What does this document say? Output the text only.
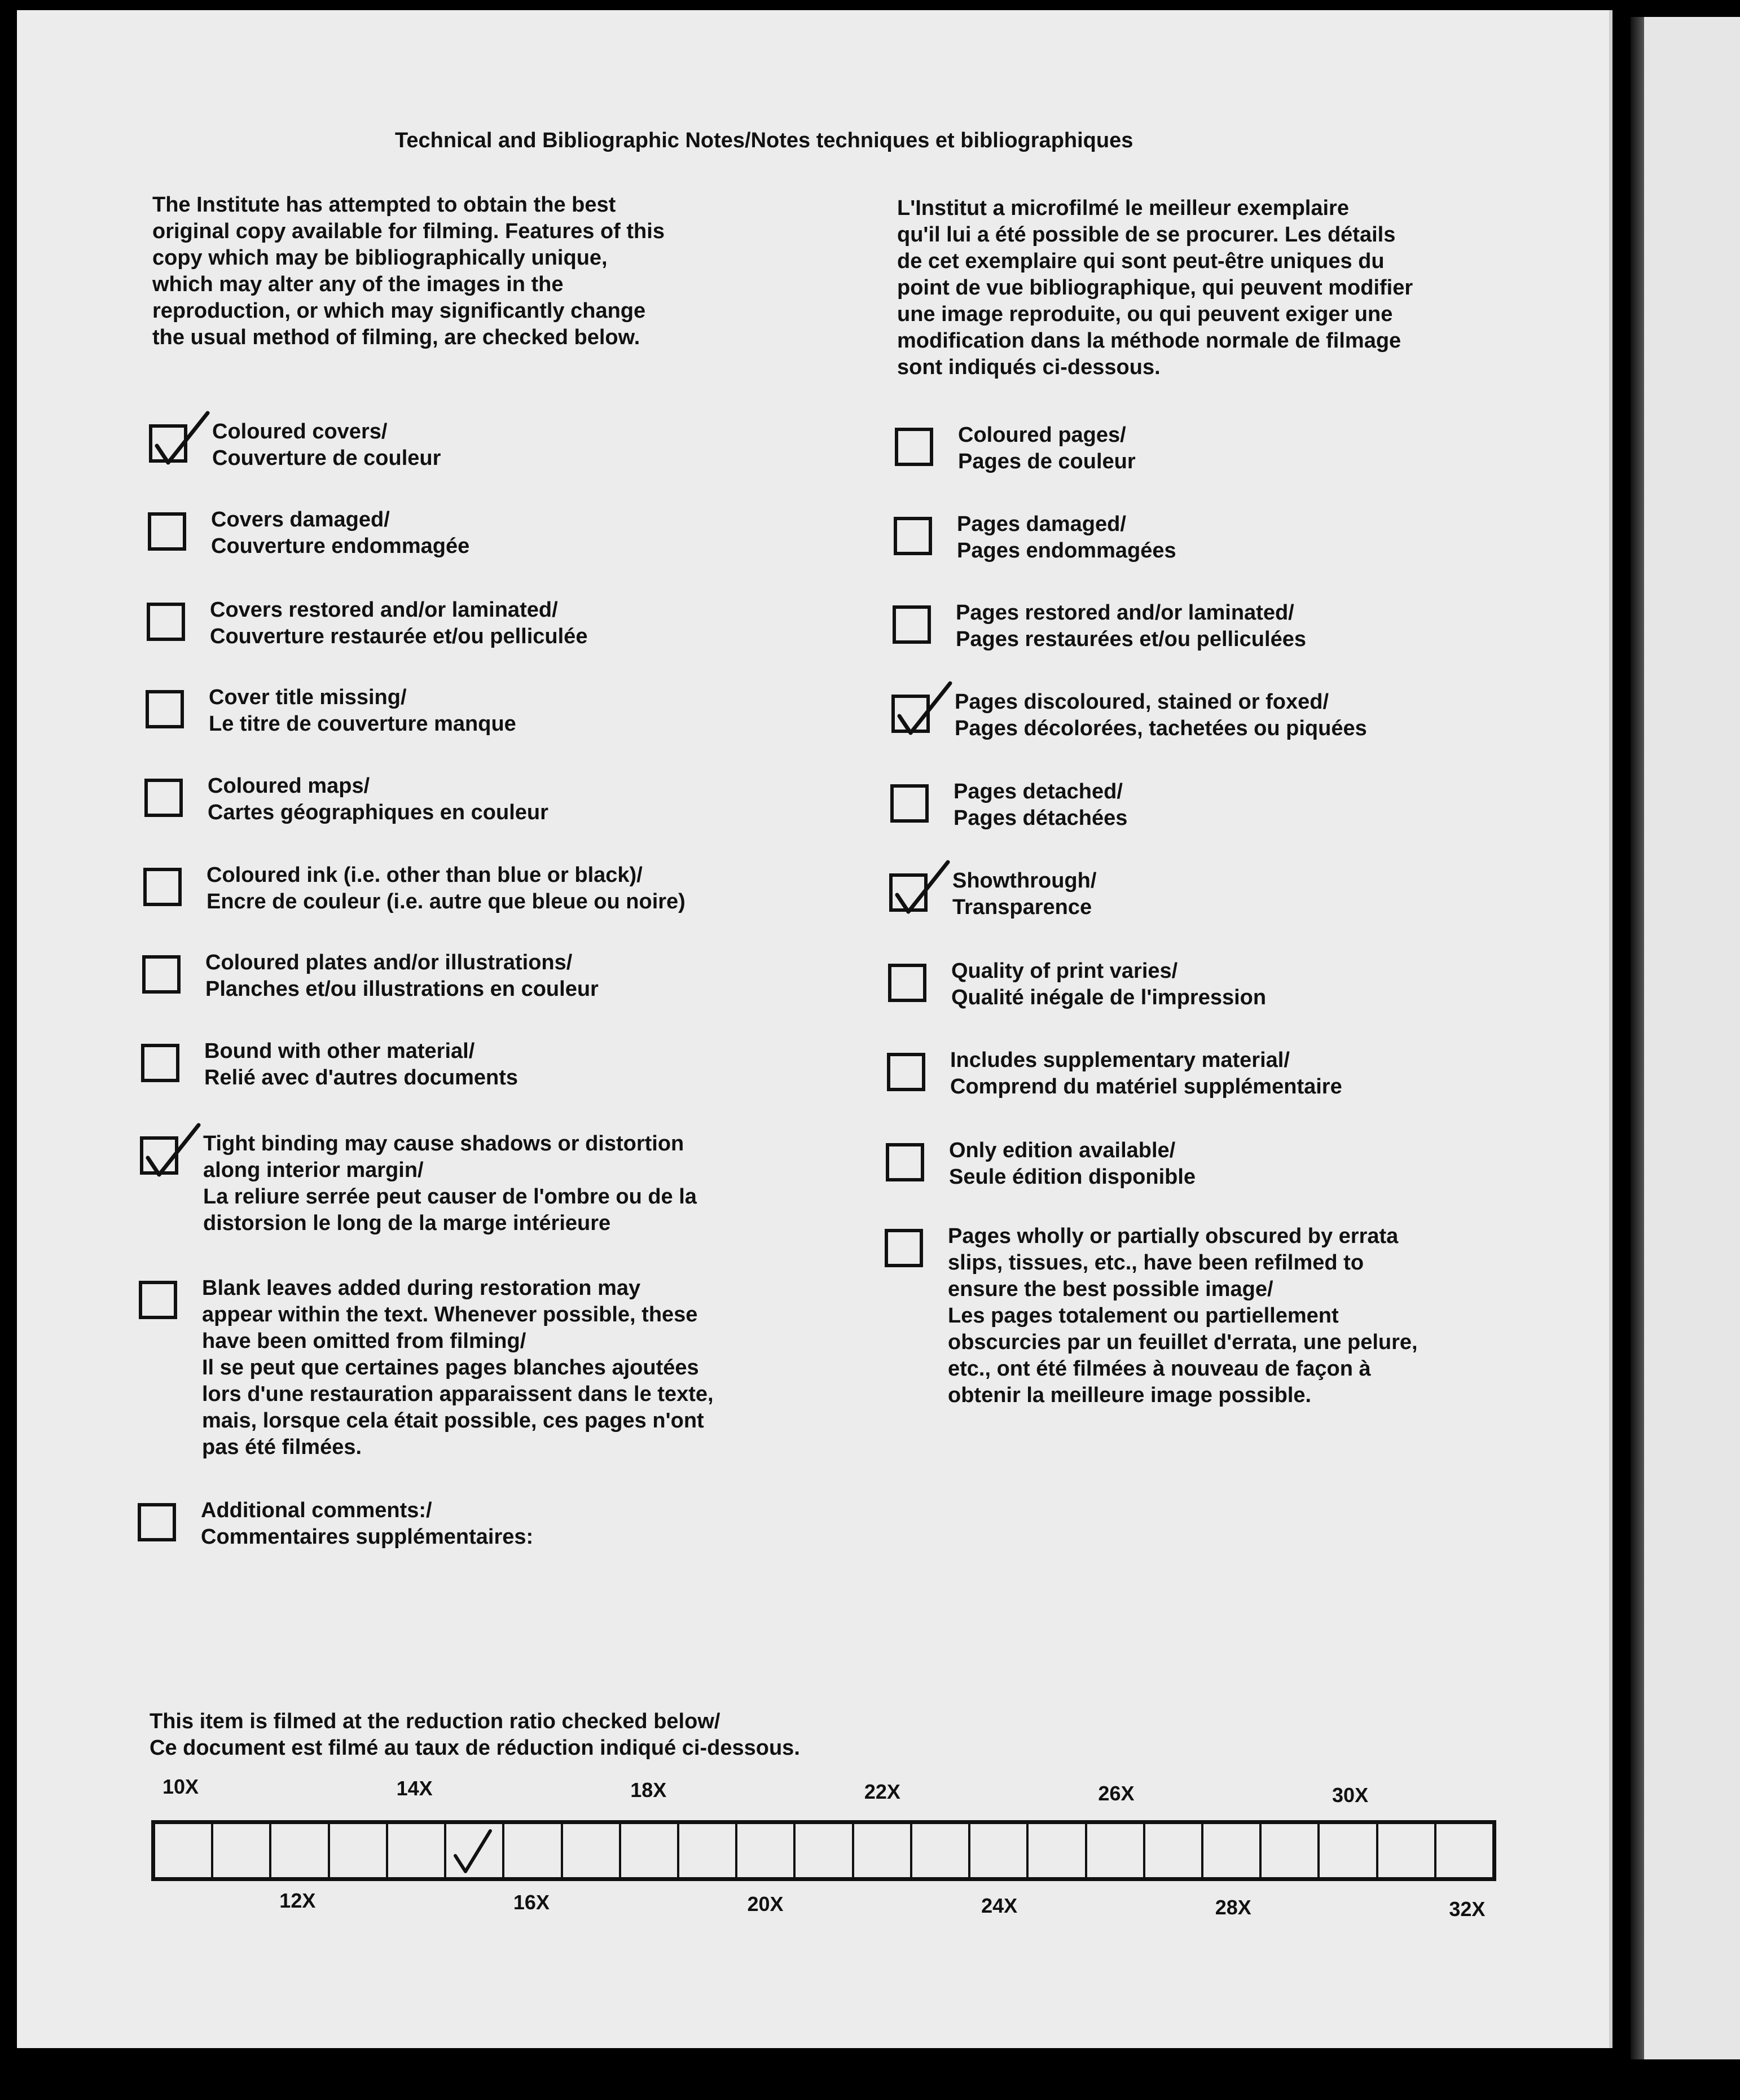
Technical and Bibliographic Notes/Notes techniques et bibliographiques
The Institute has attempted to obtain the best
original copy available for filming. Features of this
copy which may be bibliographically unique,
which may alter any of the images in the
reproduction, or which may significantly change
the usual method of filming, are checked below.
L'Institut a microfilmé le meilleur exemplaire
qu'il lui a été possible de se procurer. Les détails
de cet exemplaire qui sont peut-être uniques du
point de vue bibliographique, qui peuvent modifier
une image reproduite, ou qui peuvent exiger une
modification dans la méthode normale de filmage
sont indiqués ci-dessous.
Coloured covers/
Couverture de couleur
Covers damaged/
Couverture endommagée
Covers restored and/or laminated/
Couverture restaurée et/ou pelliculée
Cover title missing/
Le titre de couverture manque
Coloured maps/
Cartes géographiques en couleur
Coloured ink (i.e. other than blue or black)/
Encre de couleur (i.e. autre que bleue ou noire)
Coloured plates and/or illustrations/
Planches et/ou illustrations en couleur
Bound with other material/
Relié avec d'autres documents
Tight binding may cause shadows or distortion
along interior margin/
La reliure serrée peut causer de l'ombre ou de la
distorsion le long de la marge intérieure
Blank leaves added during restoration may
appear within the text. Whenever possible, these
have been omitted from filming/
Il se peut que certaines pages blanches ajoutées
lors d'une restauration apparaissent dans le texte,
mais, lorsque cela était possible, ces pages n'ont
pas été filmées.
Additional comments:/
Commentaires supplémentaires:
Coloured pages/
Pages de couleur
Pages damaged/
Pages endommagées
Pages restored and/or laminated/
Pages restaurées et/ou pelliculées
Pages discoloured, stained or foxed/
Pages décolorées, tachetées ou piquées
Pages detached/
Pages détachées
Showthrough/
Transparence
Quality of print varies/
Qualité inégale de l'impression
Includes supplementary material/
Comprend du matériel supplémentaire
Only edition available/
Seule édition disponible
Pages wholly or partially obscured by errata
slips, tissues, etc., have been refilmed to
ensure the best possible image/
Les pages totalement ou partiellement
obscurcies par un feuillet d'errata, une pelure,
etc., ont été filmées à nouveau de façon à
obtenir la meilleure image possible.
This item is filmed at the reduction ratio checked below/
Ce document est filmé au taux de réduction indiqué ci-dessous.
10X	14X	18X	22X	26X	30X
12X	16X	20X	24X	28X	32X
